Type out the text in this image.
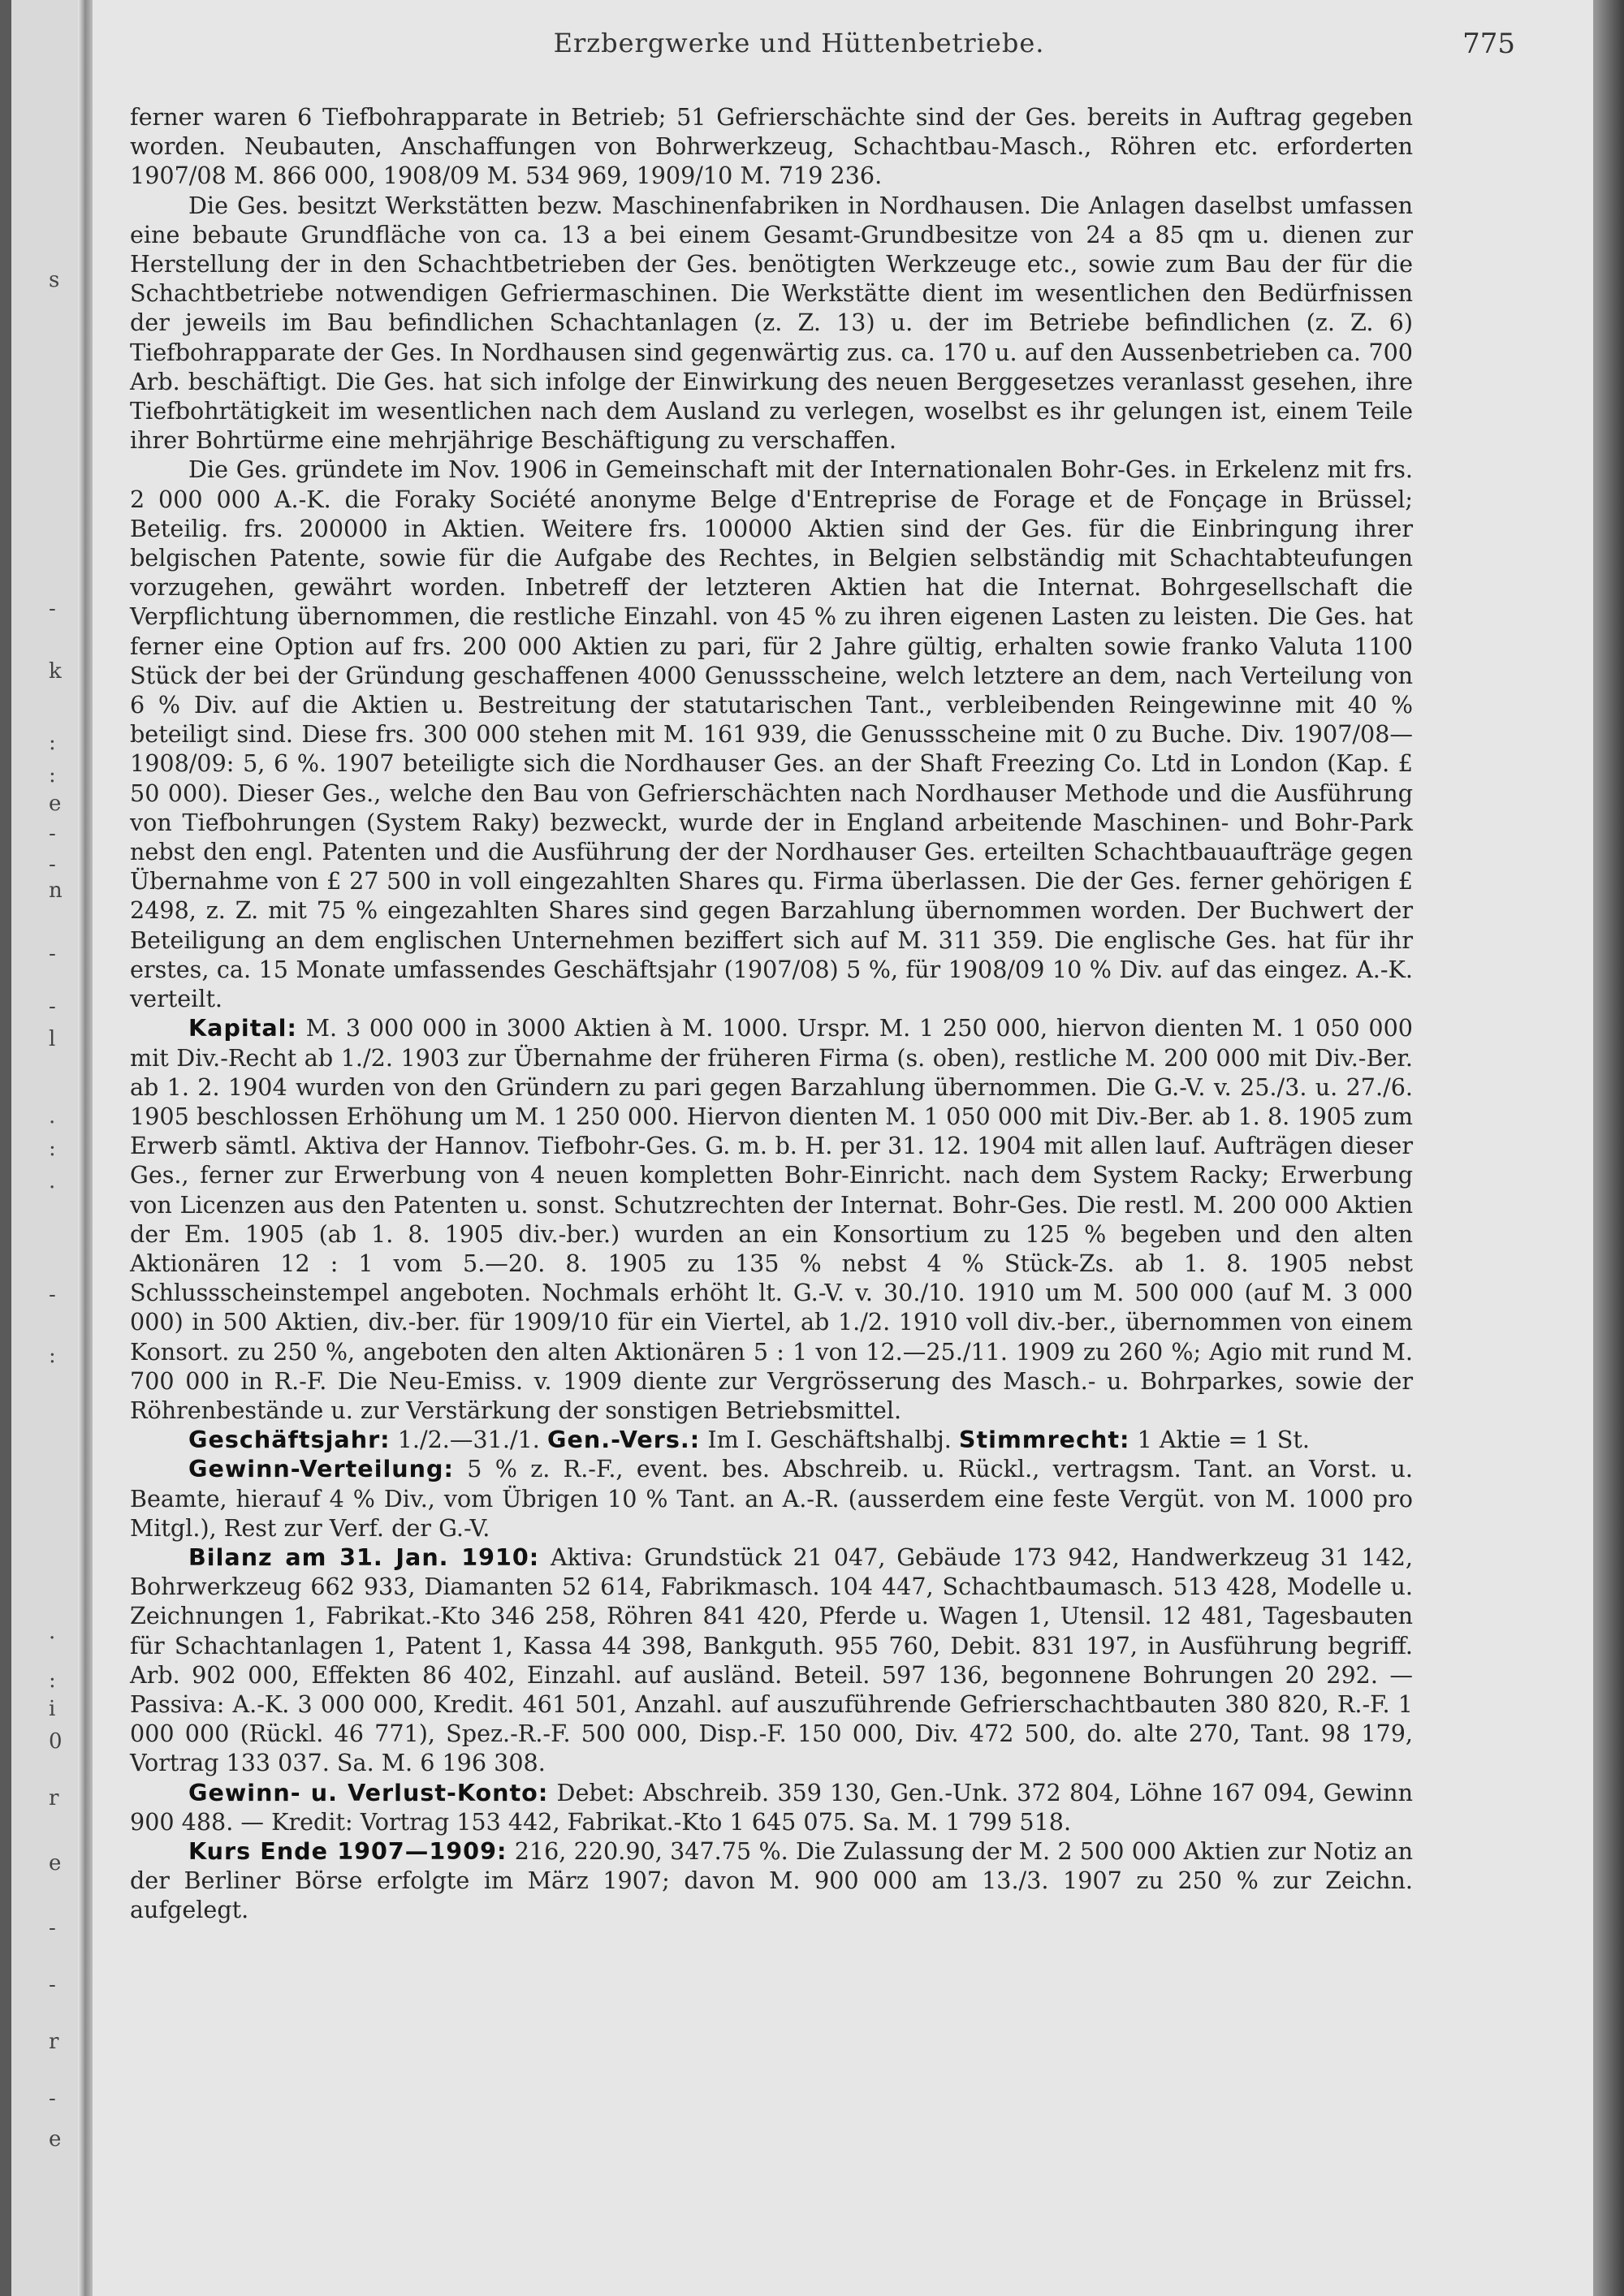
s
-
k
:
:
e
-
-
n
-
-
l
.
:
.
-
:
.
:
i
0
r
e
-
-
r
-
e
Erzbergwerke und Hüttenbetriebe.	775

ferner waren 6 Tiefbohrapparate in Betrieb; 51 Gefrierschächte sind der Ges. bereits in Auftrag gegeben worden. Neubauten, Anschaffungen von Bohrwerkzeug, Schachtbau-Masch., Röhren etc. erforderten 1907/08 M. 866 000, 1908/09 M. 534 969, 1909/10 M. 719 236.

Die Ges. besitzt Werkstätten bezw. Maschinenfabriken in Nordhausen. Die Anlagen daselbst umfassen eine bebaute Grundfläche von ca. 13 a bei einem Gesamt-Grundbesitze von 24 a 85 qm u. dienen zur Herstellung der in den Schachtbetrieben der Ges. benötigten Werkzeuge etc., sowie zum Bau der für die Schachtbetriebe notwendigen Gefriermaschinen. Die Werkstätte dient im wesentlichen den Bedürfnissen der jeweils im Bau befindlichen Schachtanlagen (z. Z. 13) u. der im Betriebe befindlichen (z. Z. 6) Tiefbohrapparate der Ges. In Nordhausen sind gegenwärtig zus. ca. 170 u. auf den Aussenbetrieben ca. 700 Arb. beschäftigt. Die Ges. hat sich infolge der Einwirkung des neuen Berggesetzes veranlasst gesehen, ihre Tiefbohrtätigkeit im wesentlichen nach dem Ausland zu verlegen, woselbst es ihr gelungen ist, einem Teile ihrer Bohrtürme eine mehrjährige Beschäftigung zu verschaffen.

Die Ges. gründete im Nov. 1906 in Gemeinschaft mit der Internationalen Bohr-Ges. in Erkelenz mit frs. 2 000 000 A.-K. die Foraky Société anonyme Belge d'Entreprise de Forage et de Fonçage in Brüssel; Beteilig. frs. 200000 in Aktien. Weitere frs. 100000 Aktien sind der Ges. für die Einbringung ihrer belgischen Patente, sowie für die Aufgabe des Rechtes, in Belgien selbständig mit Schachtabteufungen vorzugehen, gewährt worden. Inbetreff der letzteren Aktien hat die Internat. Bohrgesellschaft die Verpflichtung übernommen, die restliche Einzahl. von 45 % zu ihren eigenen Lasten zu leisten. Die Ges. hat ferner eine Option auf frs. 200 000 Aktien zu pari, für 2 Jahre gültig, erhalten sowie franko Valuta 1100 Stück der bei der Gründung geschaffenen 4000 Genussscheine, welch letztere an dem, nach Verteilung von 6 % Div. auf die Aktien u. Bestreitung der statutarischen Tant., verbleibenden Reingewinne mit 40 % beteiligt sind. Diese frs. 300 000 stehen mit M. 161 939, die Genussscheine mit 0 zu Buche. Div. 1907/08—1908/09: 5, 6 %. 1907 beteiligte sich die Nordhauser Ges. an der Shaft Freezing Co. Ltd in London (Kap. £ 50 000). Dieser Ges., welche den Bau von Gefrierschächten nach Nordhauser Methode und die Ausführung von Tiefbohrungen (System Raky) bezweckt, wurde der in England arbeitende Maschinen- und Bohr-Park nebst den engl. Patenten und die Ausführung der der Nordhauser Ges. erteilten Schachtbauaufträge gegen Übernahme von £ 27 500 in voll eingezahlten Shares qu. Firma überlassen. Die der Ges. ferner gehörigen £ 2498, z. Z. mit 75 % eingezahlten Shares sind gegen Barzahlung übernommen worden. Der Buchwert der Beteiligung an dem englischen Unternehmen beziffert sich auf M. 311 359. Die englische Ges. hat für ihr erstes, ca. 15 Monate umfassendes Geschäftsjahr (1907/08) 5 %, für 1908/09 10 % Div. auf das eingez. A.-K. verteilt.

Kapital: M. 3 000 000 in 3000 Aktien à M. 1000. Urspr. M. 1 250 000, hiervon dienten M. 1 050 000 mit Div.-Recht ab 1./2. 1903 zur Übernahme der früheren Firma (s. oben), restliche M. 200 000 mit Div.-Ber. ab 1. 2. 1904 wurden von den Gründern zu pari gegen Barzahlung übernommen. Die G.-V. v. 25./3. u. 27./6. 1905 beschlossen Erhöhung um M. 1 250 000. Hiervon dienten M. 1 050 000 mit Div.-Ber. ab 1. 8. 1905 zum Erwerb sämtl. Aktiva der Hannov. Tiefbohr-Ges. G. m. b. H. per 31. 12. 1904 mit allen lauf. Aufträgen dieser Ges., ferner zur Erwerbung von 4 neuen kompletten Bohr-Einricht. nach dem System Racky; Erwerbung von Licenzen aus den Patenten u. sonst. Schutzrechten der Internat. Bohr-Ges. Die restl. M. 200 000 Aktien der Em. 1905 (ab 1. 8. 1905 div.-ber.) wurden an ein Konsortium zu 125 % begeben und den alten Aktionären 12 : 1 vom 5.—20. 8. 1905 zu 135 % nebst 4 % Stück-Zs. ab 1. 8. 1905 nebst Schlussscheinstempel angeboten. Nochmals erhöht lt. G.-V. v. 30./10. 1910 um M. 500 000 (auf M. 3 000 000) in 500 Aktien, div.-ber. für 1909/10 für ein Viertel, ab 1./2. 1910 voll div.-ber., übernommen von einem Konsort. zu 250 %, angeboten den alten Aktionären 5 : 1 von 12.—25./11. 1909 zu 260 %; Agio mit rund M. 700 000 in R.-F. Die Neu-Emiss. v. 1909 diente zur Vergrösserung des Masch.- u. Bohrparkes, sowie der Röhrenbestände u. zur Verstärkung der sonstigen Betriebsmittel.

Geschäftsjahr: 1./2.—31./1. Gen.-Vers.: Im I. Geschäftshalbj. Stimmrecht: 1 Aktie = 1 St.

Gewinn-Verteilung: 5 % z. R.-F., event. bes. Abschreib. u. Rückl., vertragsm. Tant. an Vorst. u. Beamte, hierauf 4 % Div., vom Übrigen 10 % Tant. an A.-R. (ausserdem eine feste Vergüt. von M. 1000 pro Mitgl.), Rest zur Verf. der G.-V.

Bilanz am 31. Jan. 1910: Aktiva: Grundstück 21 047, Gebäude 173 942, Handwerkzeug 31 142, Bohrwerkzeug 662 933, Diamanten 52 614, Fabrikmasch. 104 447, Schachtbaumasch. 513 428, Modelle u. Zeichnungen 1, Fabrikat.-Kto 346 258, Röhren 841 420, Pferde u. Wagen 1, Utensil. 12 481, Tagesbauten für Schachtanlagen 1, Patent 1, Kassa 44 398, Bankguth. 955 760, Debit. 831 197, in Ausführung begriff. Arb. 902 000, Effekten 86 402, Einzahl. auf ausländ. Beteil. 597 136, begonnene Bohrungen 20 292. — Passiva: A.-K. 3 000 000, Kredit. 461 501, Anzahl. auf auszuführende Gefrierschachtbauten 380 820, R.-F. 1 000 000 (Rückl. 46 771), Spez.-R.-F. 500 000, Disp.-F. 150 000, Div. 472 500, do. alte 270, Tant. 98 179, Vortrag 133 037. Sa. M. 6 196 308.

Gewinn- u. Verlust-Konto: Debet: Abschreib. 359 130, Gen.-Unk. 372 804, Löhne 167 094, Gewinn 900 488. — Kredit: Vortrag 153 442, Fabrikat.-Kto 1 645 075. Sa. M. 1 799 518.

Kurs Ende 1907—1909: 216, 220.90, 347.75 %. Die Zulassung der M. 2 500 000 Aktien zur Notiz an der Berliner Börse erfolgte im März 1907; davon M. 900 000 am 13./3. 1907 zu 250 % zur Zeichn. aufgelegt.
